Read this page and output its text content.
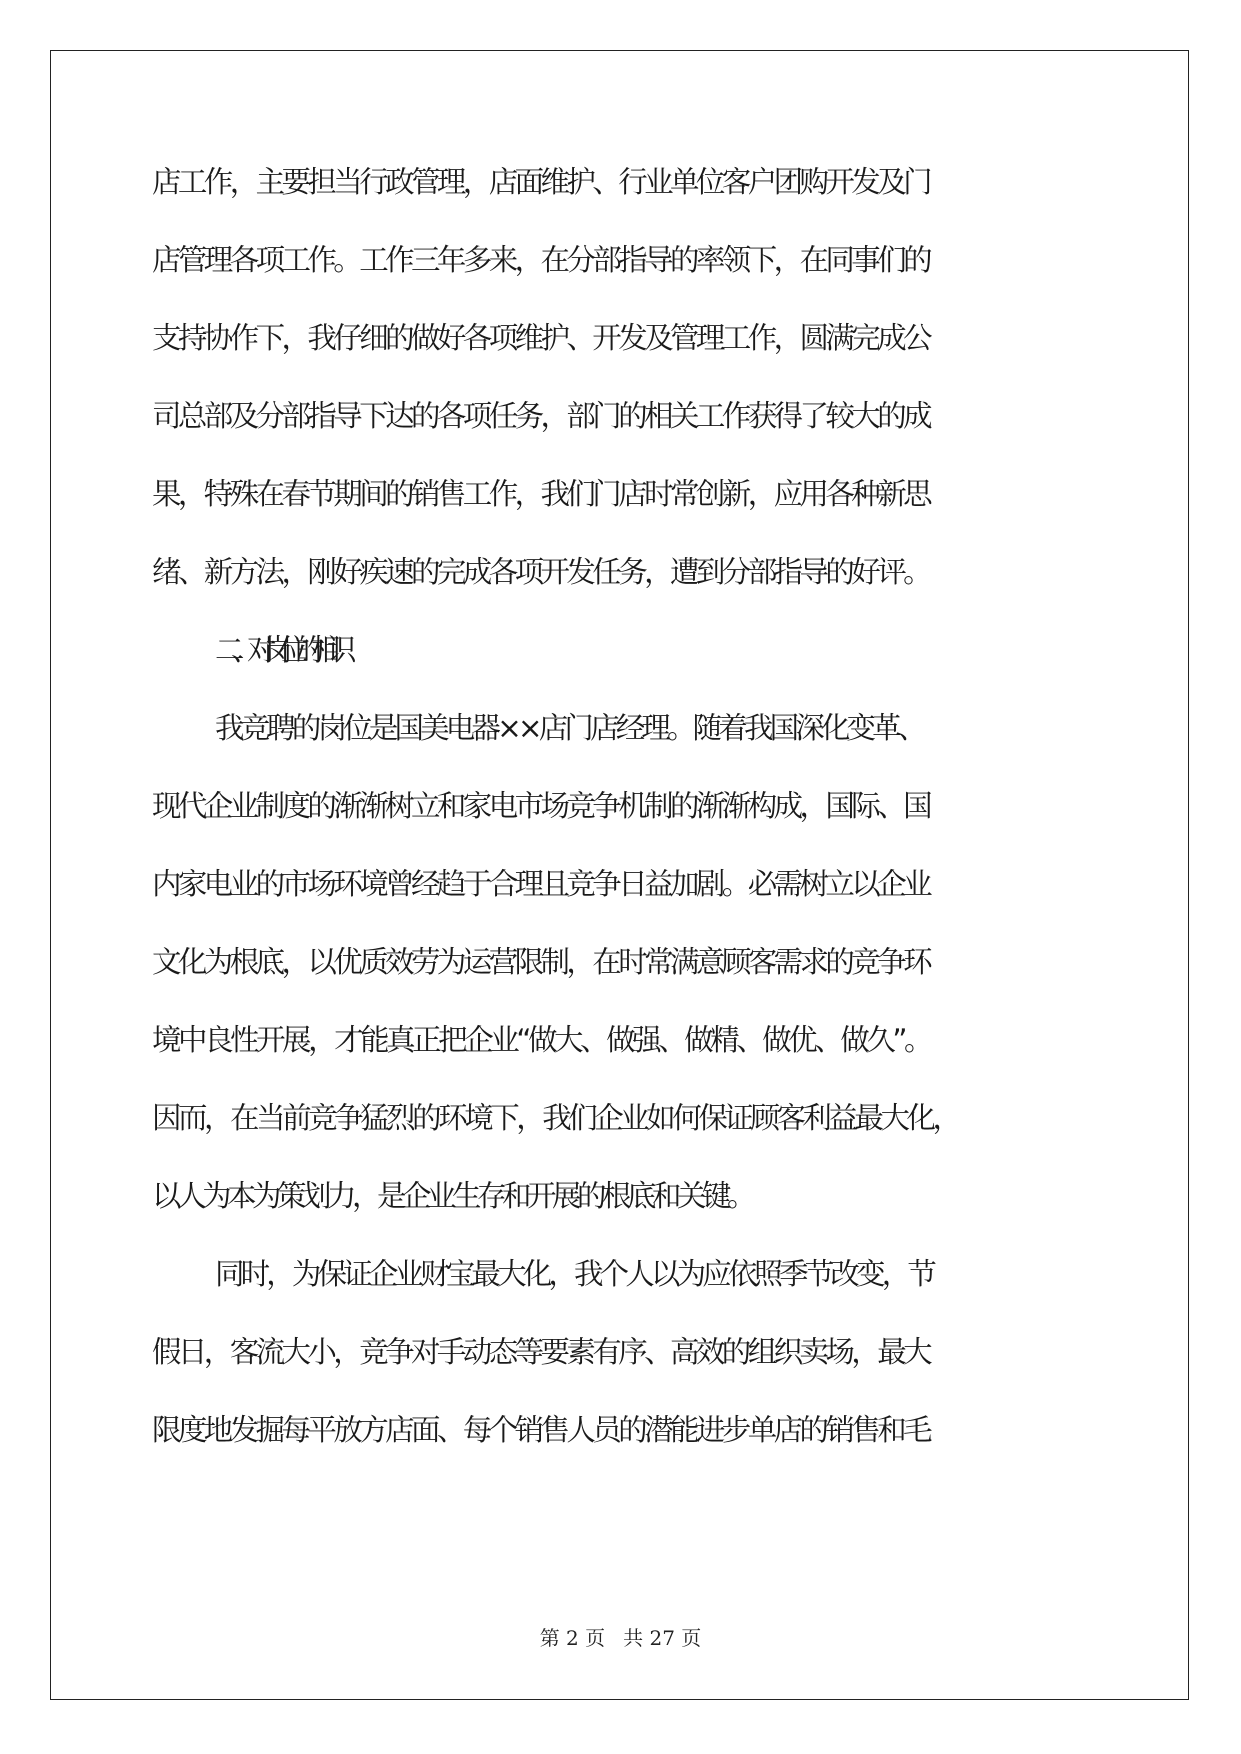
店工作，主要担当行政管理，店面维护、行业单位客户团购开发及门
店管理各项工作。工作三年多来，在分部指导的率领下，在同事们的
支持协作下，我仔细的做好各项维护、开发及管理工作，圆满完成公
司总部及分部指导下达的各项任务，部门的相关工作获得了较大的成
果，特殊在春节期间的销售工作，我们门店时常创新，应用各种新思
绪、新方法，刚好疾速的完成各项开发任务，遭到分部指导的好评。
二、对岗位的相识
我竞聘的岗位是国美电器××店门店经理。随着我国深化变革、
现代企业制度的渐渐树立和家电市场竞争机制的渐渐构成，国际、国
内家电业的市场环境曾经趋于合理且竞争日益加剧。必需树立以企业
文化为根底，以优质效劳为运营限制，在时常满意顾客需求的竞争环
境中良性开展，才能真正把企业“做大、做强、做精、做优、做久”。
因而，在当前竞争猛烈的环境下，我们企业如何保证顾客利益最大化，
以人为本为策划力，是企业生存和开展的根底和关键。
同时，为保证企业财宝最大化，我个人以为应依照季节改变，节
假日，客流大小，竞争对手动态等要素有序、高效的组织卖场，最大
限度地发掘每平放方店面、每个销售人员的潜能进步单店的销售和毛
第 2 页 共 27 页
